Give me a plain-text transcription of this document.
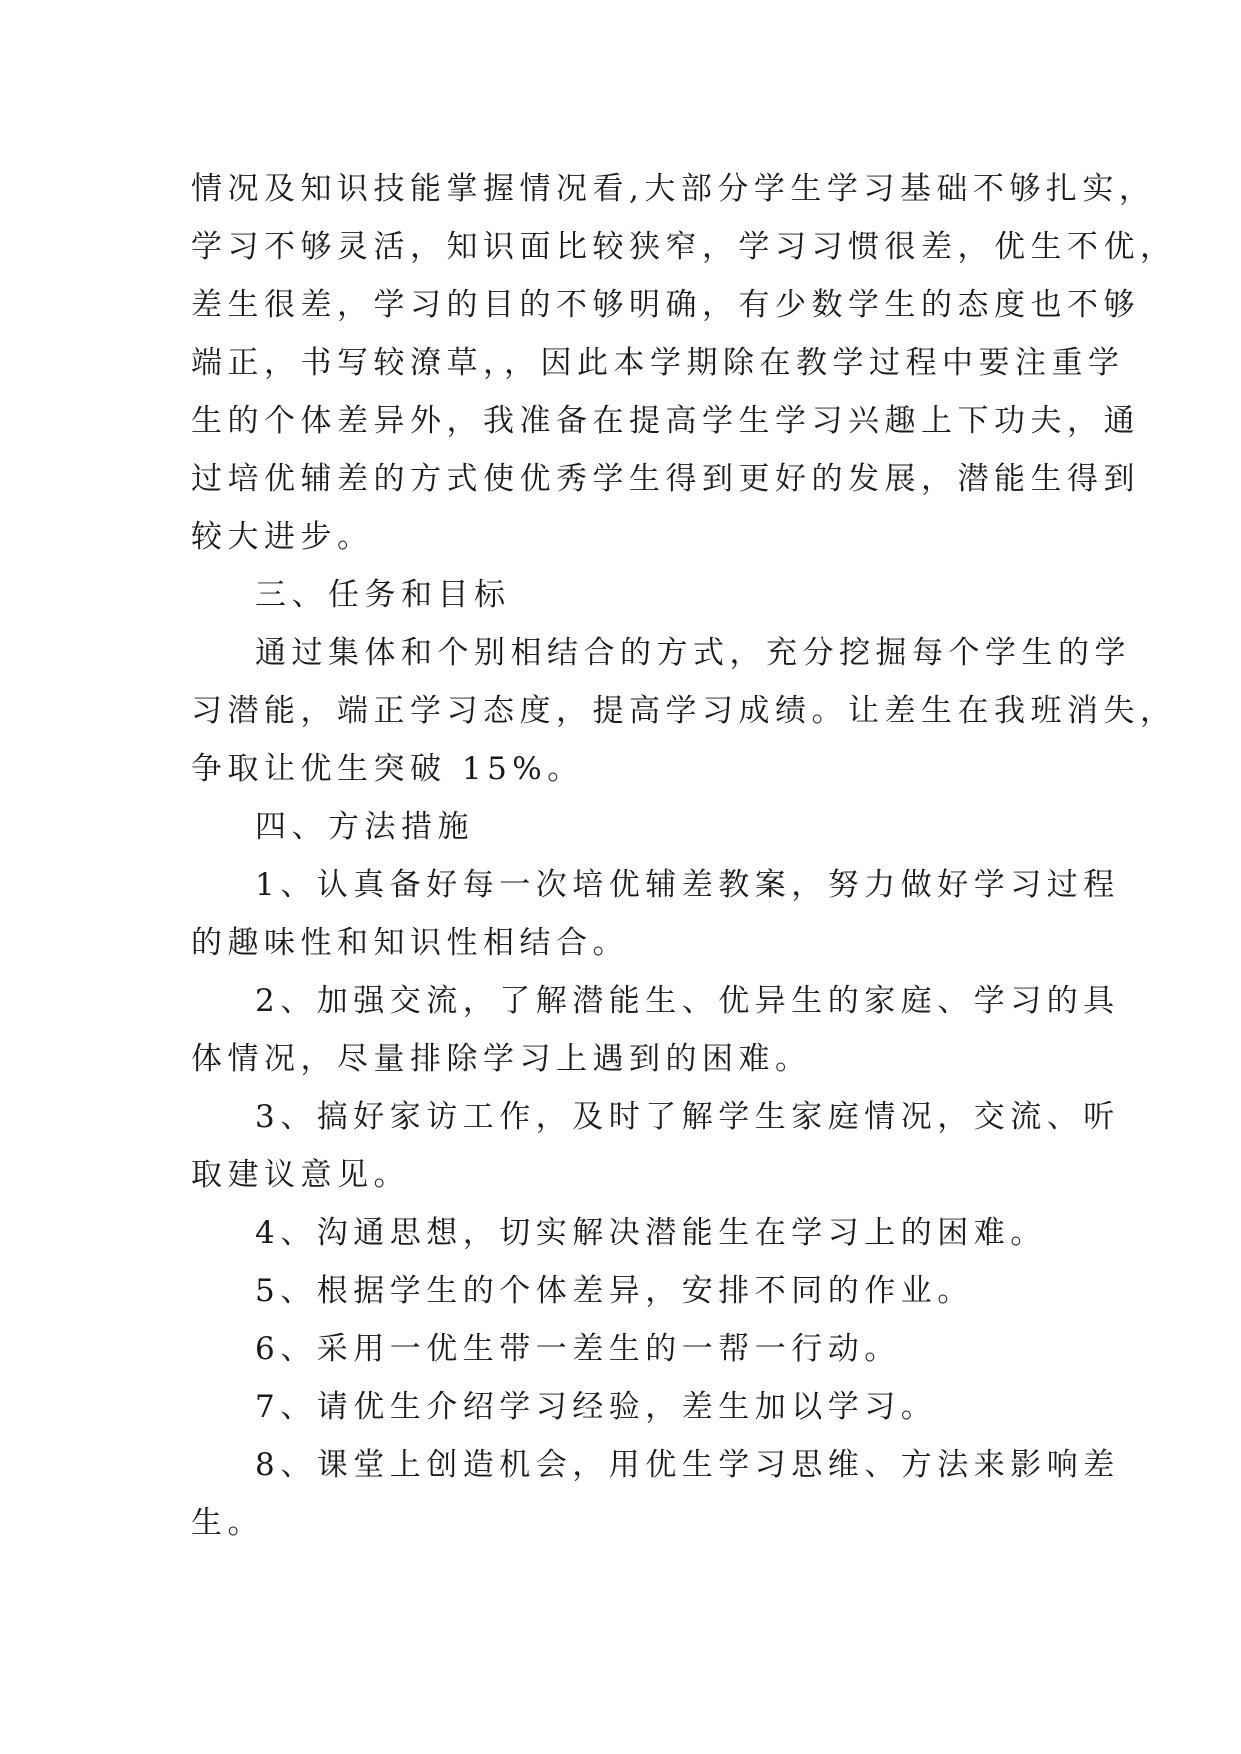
情况及知识技能掌握情况看,大部分学生学习基础不够扎实，
学习不够灵活，知识面比较狭窄，学习习惯很差，优生不优，
差生很差，学习的目的不够明确，有少数学生的态度也不够
端正，书写较潦草，，因此本学期除在教学过程中要注重学
生的个体差异外，我准备在提高学生学习兴趣上下功夫，通
过培优辅差的方式使优秀学生得到更好的发展，潜能生得到
较大进步。
三、任务和目标
通过集体和个别相结合的方式，充分挖掘每个学生的学
习潜能，端正学习态度，提高学习成绩。让差生在我班消失，
争取让优生突破 15%。
四、方法措施
1、认真备好每一次培优辅差教案，努力做好学习过程
的趣味性和知识性相结合。
2、加强交流，了解潜能生、优异生的家庭、学习的具
体情况，尽量排除学习上遇到的困难。
3、搞好家访工作，及时了解学生家庭情况，交流、听
取建议意见。
4、沟通思想，切实解决潜能生在学习上的困难。
5、根据学生的个体差异，安排不同的作业。
6、采用一优生带一差生的一帮一行动。
7、请优生介绍学习经验，差生加以学习。
8、课堂上创造机会，用优生学习思维、方法来影响差
生。
